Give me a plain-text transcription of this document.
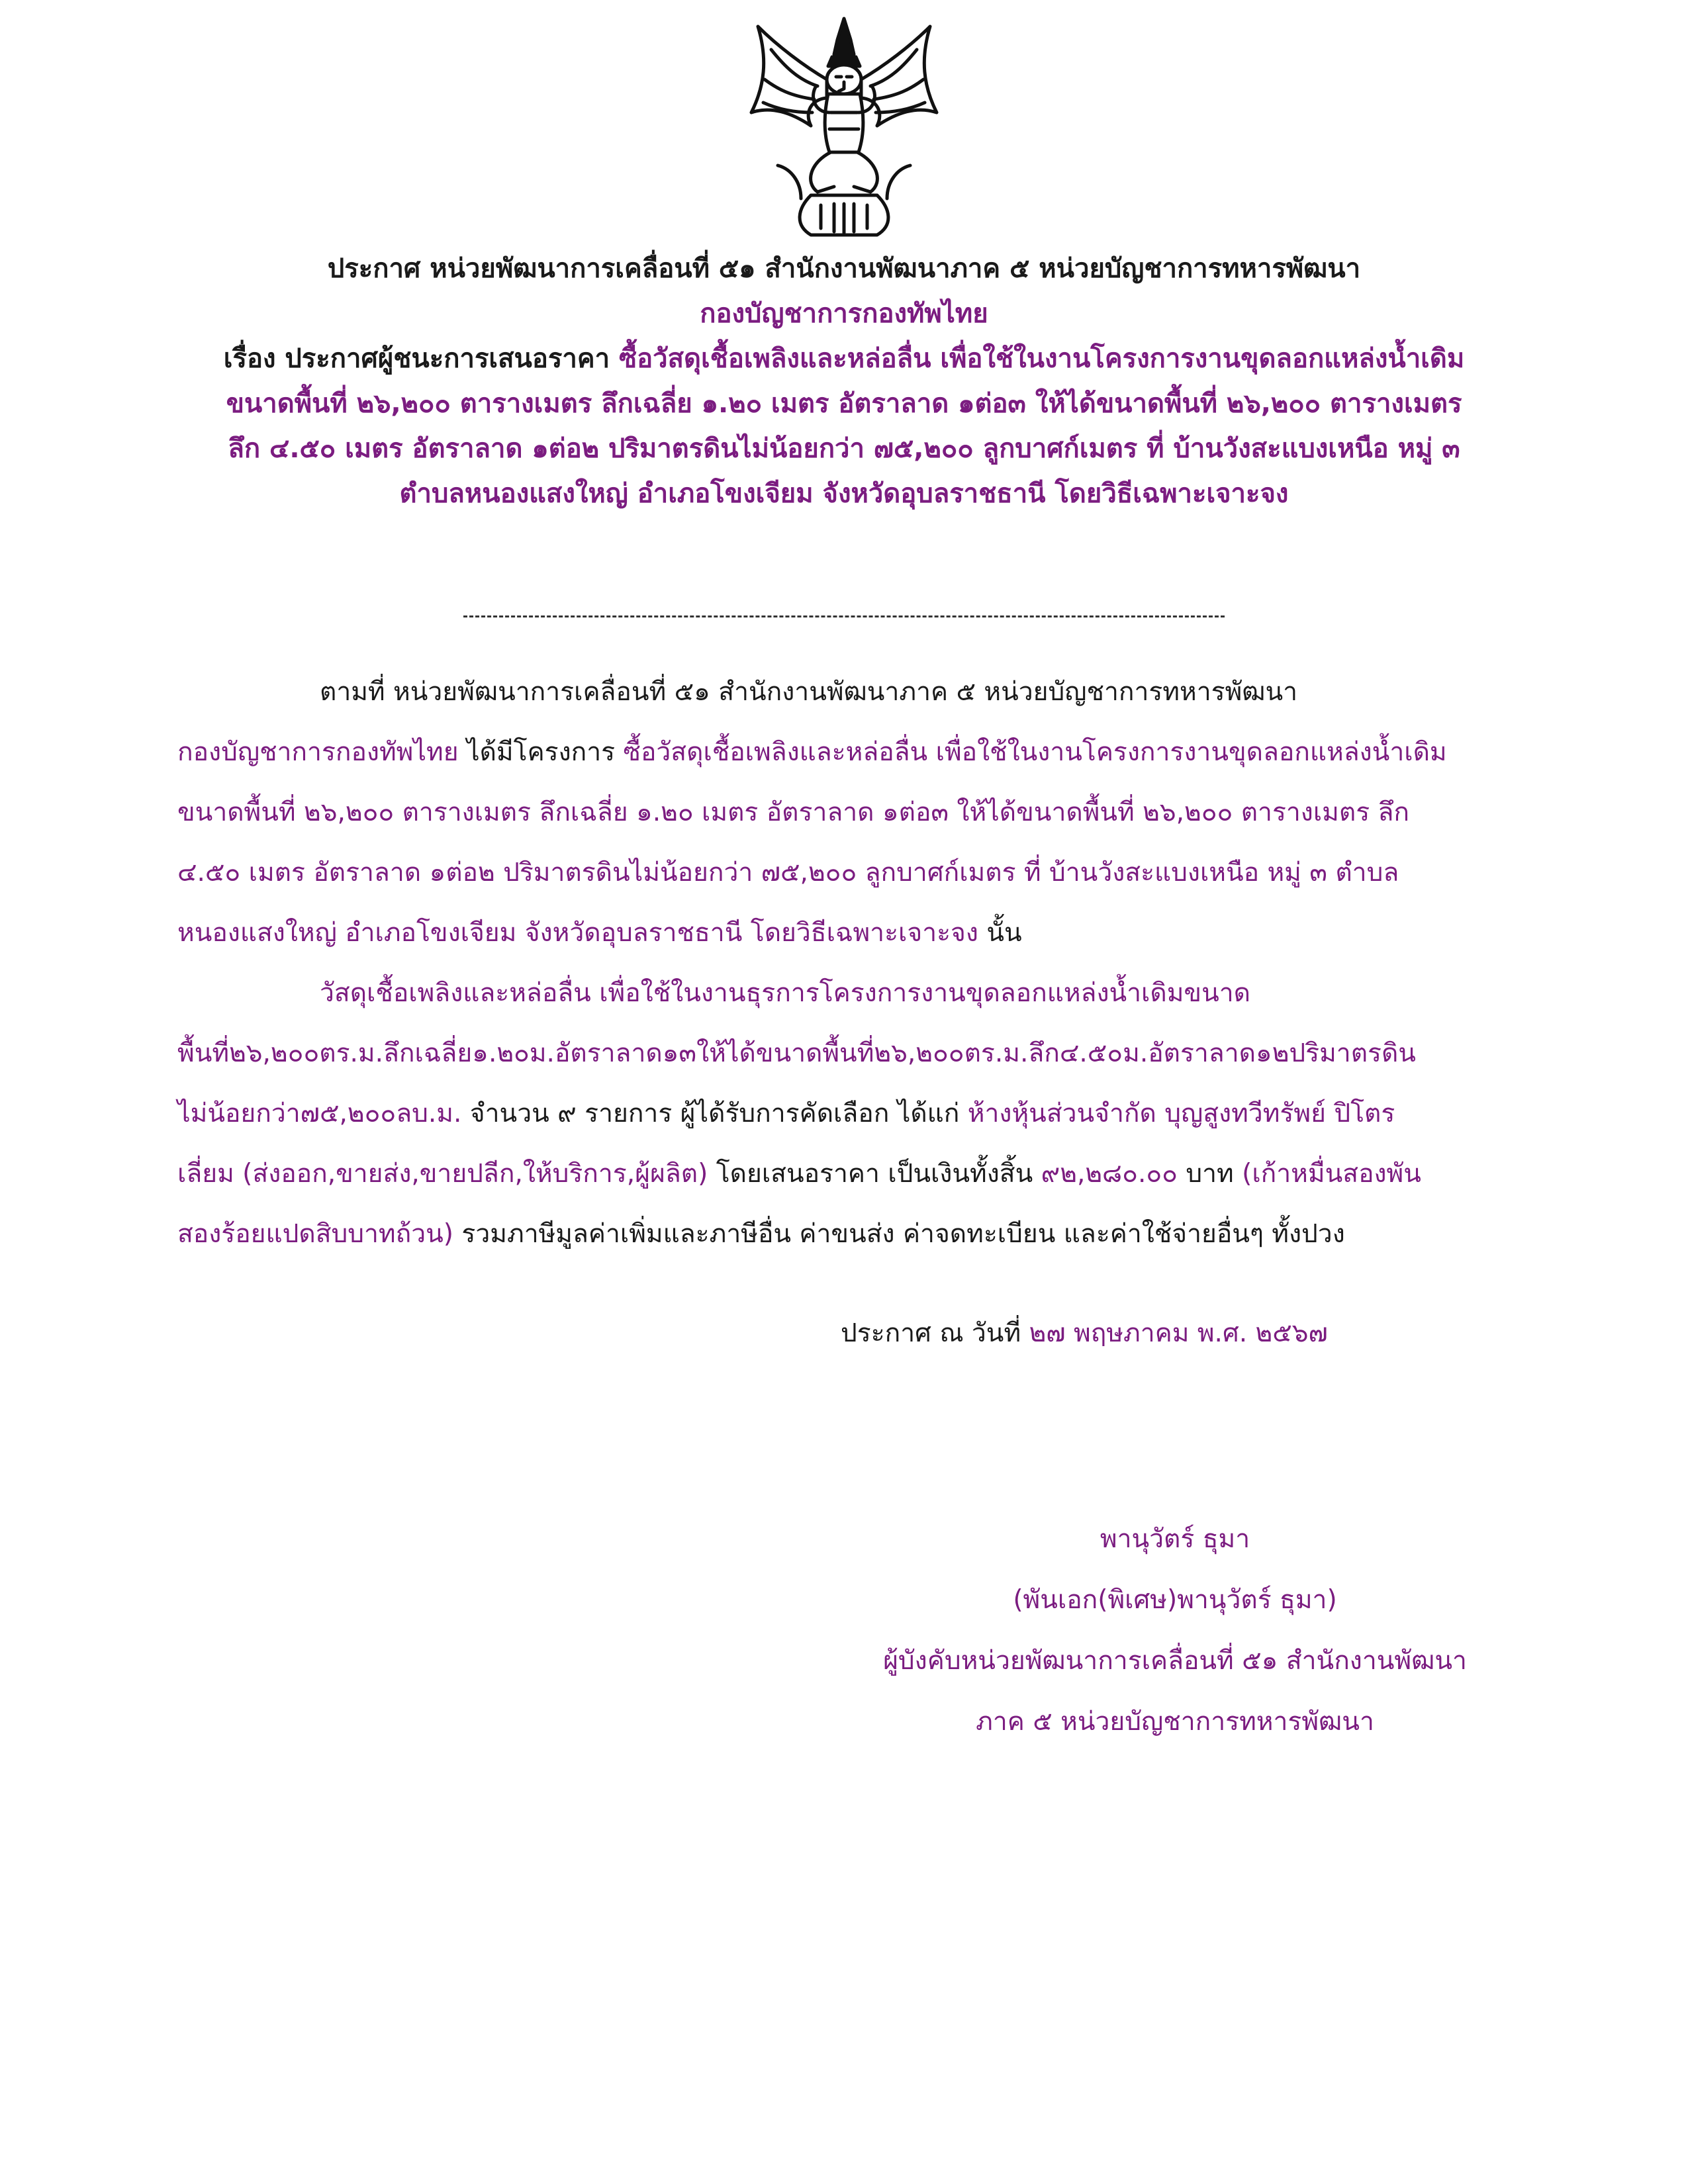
ประกาศ หน่วยพัฒนาการเคลื่อนที่ ๕๑ สำนักงานพัฒนาภาค ๕ หน่วยบัญชาการทหารพัฒนา
กองบัญชาการกองทัพไทย
เรื่อง ประกาศผู้ชนะการเสนอราคา ซื้อวัสดุเชื้อเพลิงและหล่อลื่น เพื่อใช้ในงานโครงการงานขุดลอกแหล่งน้ำเดิม
ขนาดพื้นที่ ๒๖,๒๐๐ ตารางเมตร ลึกเฉลี่ย ๑.๒๐ เมตร อัตราลาด ๑ต่อ๓ ให้ได้ขนาดพื้นที่ ๒๖,๒๐๐ ตารางเมตร
ลึก ๔.๕๐ เมตร อัตราลาด ๑ต่อ๒ ปริมาตรดินไม่น้อยกว่า ๗๕,๒๐๐ ลูกบาศก์เมตร ที่ บ้านวังสะแบงเหนือ หมู่ ๓
ตำบลหนองแสงใหญ่ อำเภอโขงเจียม จังหวัดอุบลราชธานี โดยวิธีเฉพาะเจาะจง
ตามที่ หน่วยพัฒนาการเคลื่อนที่ ๕๑ สำนักงานพัฒนาภาค ๕ หน่วยบัญชาการทหารพัฒนา
กองบัญชาการกองทัพไทย ได้มีโครงการ ซื้อวัสดุเชื้อเพลิงและหล่อลื่น เพื่อใช้ในงานโครงการงานขุดลอกแหล่งน้ำเดิม
ขนาดพื้นที่ ๒๖,๒๐๐ ตารางเมตร ลึกเฉลี่ย ๑.๒๐ เมตร อัตราลาด ๑ต่อ๓ ให้ได้ขนาดพื้นที่ ๒๖,๒๐๐ ตารางเมตร ลึก
๔.๕๐ เมตร อัตราลาด ๑ต่อ๒ ปริมาตรดินไม่น้อยกว่า ๗๕,๒๐๐ ลูกบาศก์เมตร ที่ บ้านวังสะแบงเหนือ หมู่ ๓ ตำบล
หนองแสงใหญ่ อำเภอโขงเจียม จังหวัดอุบลราชธานี โดยวิธีเฉพาะเจาะจง นั้น
วัสดุเชื้อเพลิงและหล่อลื่น เพื่อใช้ในงานธุรการโครงการงานขุดลอกแหล่งน้ำเดิมขนาด
พื้นที่๒๖,๒๐๐ตร.ม.ลึกเฉลี่ย๑.๒๐ม.อัตราลาด๑๓ให้ได้ขนาดพื้นที่๒๖,๒๐๐ตร.ม.ลึก๔.๕๐ม.อัตราลาด๑๒ปริมาตรดิน
ไม่น้อยกว่า๗๕,๒๐๐ลบ.ม. จำนวน ๙ รายการ ผู้ได้รับการคัดเลือก ได้แก่ ห้างหุ้นส่วนจำกัด บุญสูงทวีทรัพย์ ปิโตร
เลี่ยม (ส่งออก,ขายส่ง,ขายปลีก,ให้บริการ,ผู้ผลิต) โดยเสนอราคา เป็นเงินทั้งสิ้น ๙๒,๒๘๐.๐๐ บาท (เก้าหมื่นสองพัน
สองร้อยแปดสิบบาทถ้วน) รวมภาษีมูลค่าเพิ่มและภาษีอื่น ค่าขนส่ง ค่าจดทะเบียน และค่าใช้จ่ายอื่นๆ ทั้งปวง
ประกาศ ณ วันที่ ๒๗ พฤษภาคม พ.ศ. ๒๕๖๗
พานุวัตร์ ธุมา
(พันเอก(พิเศษ)พานุวัตร์ ธุมา)
ผู้บังคับหน่วยพัฒนาการเคลื่อนที่ ๕๑ สำนักงานพัฒนา
ภาค ๕ หน่วยบัญชาการทหารพัฒนา
